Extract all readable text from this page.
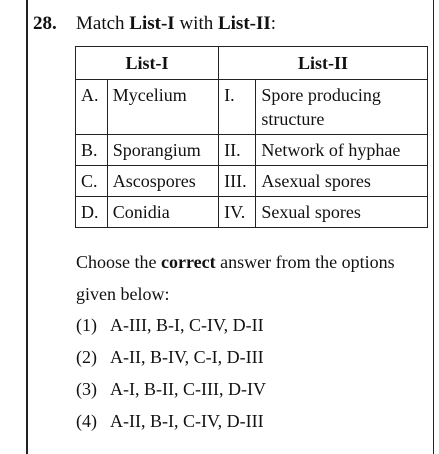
28. Match List-I with List-II:
List-I		List-II	
A.	Mycelium	I.	Spore producing structure
B.	Sporangium	II.	Network of hyphae
C.	Ascospores	III.	Asexual spores
D.	Conidia	IV.	Sexual spores
Choose the correct answer from the options given below:
(1) A-III, B-I, C-IV, D-II
(2) A-II, B-IV, C-I, D-III
(3) A-I, B-II, C-III, D-IV
(4) A-II, B-I, C-IV, D-III
